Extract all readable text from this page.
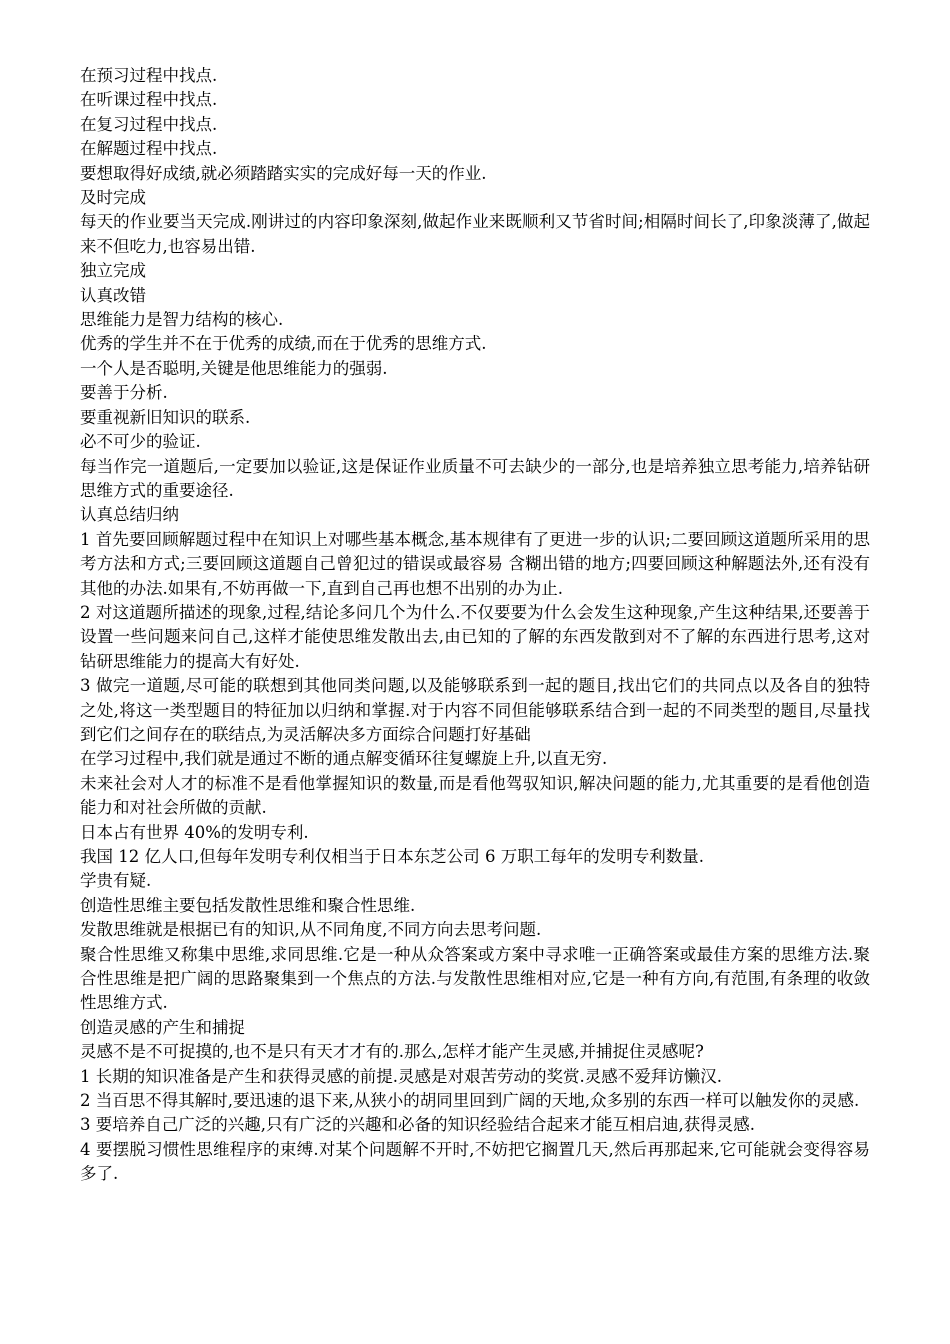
在预习过程中找点.

在听课过程中找点.

在复习过程中找点.

在解题过程中找点.

要想取得好成绩,就必须踏踏实实的完成好每一天的作业.

及时完成

每天的作业要当天完成.刚讲过的内容印象深刻,做起作业来既顺利又节省时间;相隔时间长了,印象淡薄了,做起来不但吃力,也容易出错.

独立完成

认真改错

思维能力是智力结构的核心.

优秀的学生并不在于优秀的成绩,而在于优秀的思维方式.

一个人是否聪明,关键是他思维能力的强弱.

要善于分析.

要重视新旧知识的联系.

必不可少的验证.

每当作完一道题后,一定要加以验证,这是保证作业质量不可去缺少的一部分,也是培养独立思考能力,培养钻研思维方式的重要途径.

认真总结归纳

1 首先要回顾解题过程中在知识上对哪些基本概念,基本规律有了更进一步的认识;二要回顾这道题所采用的思考方法和方式;三要回顾这道题自己曾犯过的错误或最容易 含糊出错的地方;四要回顾这种解题法外,还有没有其他的办法.如果有,不妨再做一下,直到自己再也想不出别的办为止.

2 对这道题所描述的现象,过程,结论多问几个为什么.不仅要要为什么会发生这种现象,产生这种结果,还要善于设置一些问题来问自己,这样才能使思维发散出去,由已知的了解的东西发散到对不了解的东西进行思考,这对钻研思维能力的提高大有好处.

3 做完一道题,尽可能的联想到其他同类问题,以及能够联系到一起的题目,找出它们的共同点以及各自的独特之处,将这一类型题目的特征加以归纳和掌握.对于内容不同但能够联系结合到一起的不同类型的题目,尽量找到它们之间存在的联结点,为灵活解决多方面综合问题打好基础

在学习过程中,我们就是通过不断的通点解变循环往复螺旋上升,以直无穷.

未来社会对人才的标准不是看他掌握知识的数量,而是看他驾驭知识,解决问题的能力,尤其重要的是看他创造能力和对社会所做的贡献.

日本占有世界 40%的发明专利.

我国 12 亿人口,但每年发明专利仅相当于日本东芝公司 6 万职工每年的发明专利数量.

学贵有疑.

创造性思维主要包括发散性思维和聚合性思维.

发散思维就是根据已有的知识,从不同角度,不同方向去思考问题.

聚合性思维又称集中思维,求同思维.它是一种从众答案或方案中寻求唯一正确答案或最佳方案的思维方法.聚合性思维是把广阔的思路聚集到一个焦点的方法.与发散性思维相对应,它是一种有方向,有范围,有条理的收敛性思维方式.

创造灵感的产生和捕捉

灵感不是不可捉摸的,也不是只有天才才有的.那么,怎样才能产生灵感,并捕捉住灵感呢?

1 长期的知识准备是产生和获得灵感的前提.灵感是对艰苦劳动的奖赏.灵感不爱拜访懒汉.

2 当百思不得其解时,要迅速的退下来,从狭小的胡同里回到广阔的天地,众多别的东西一样可以触发你的灵感.

3 要培养自己广泛的兴趣,只有广泛的兴趣和必备的知识经验结合起来才能互相启迪,获得灵感.

4 要摆脱习惯性思维程序的束缚.对某个问题解不开时,不妨把它搁置几天,然后再那起来,它可能就会变得容易多了.
